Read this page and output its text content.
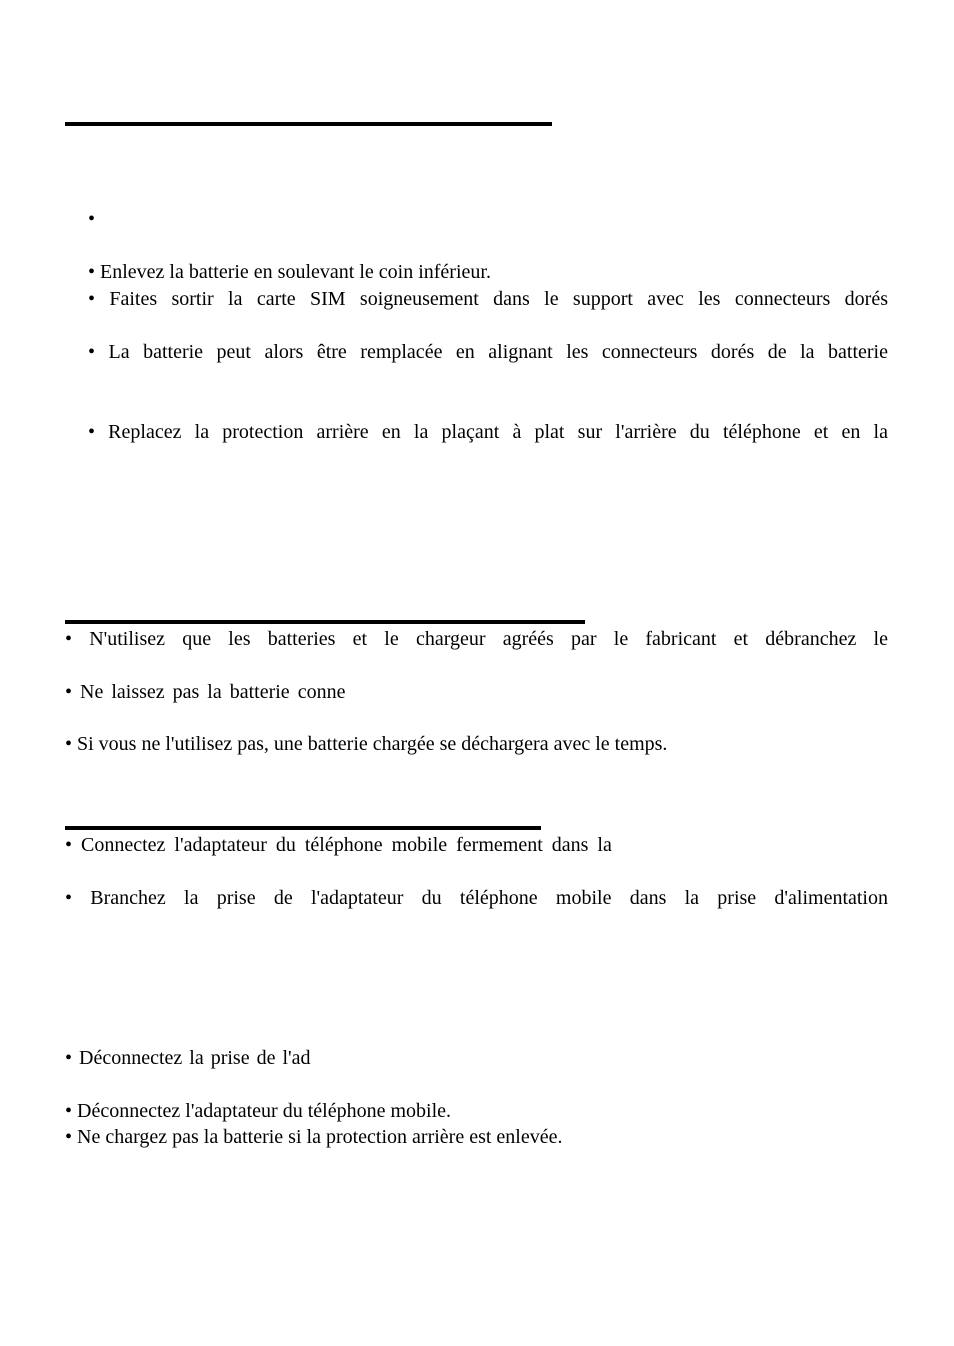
•
• Enlevez la batterie en soulevant le coin inférieur.
• Faites sortir la carte SIM soigneusement dans le support avec les connecteurs dorés
• La batterie peut alors être remplacée en alignant les connecteurs dorés de la batterie
• Replacez la protection arrière en la plaçant à plat sur l'arrière du téléphone et en la
• N'utilisez que les batteries et le chargeur agréés par le fabricant et débranchez le
• Ne laissez pas la batterie conne
• Si vous ne l'utilisez pas, une batterie chargée se déchargera avec le temps.
• Connectez l'adaptateur du téléphone mobile fermement dans la
• Branchez la prise de l'adaptateur du téléphone mobile dans la prise d'alimentation
• Déconnectez la prise de l'ad
• Déconnectez l'adaptateur du téléphone mobile.
• Ne chargez pas la batterie si la protection arrière est enlevée.
